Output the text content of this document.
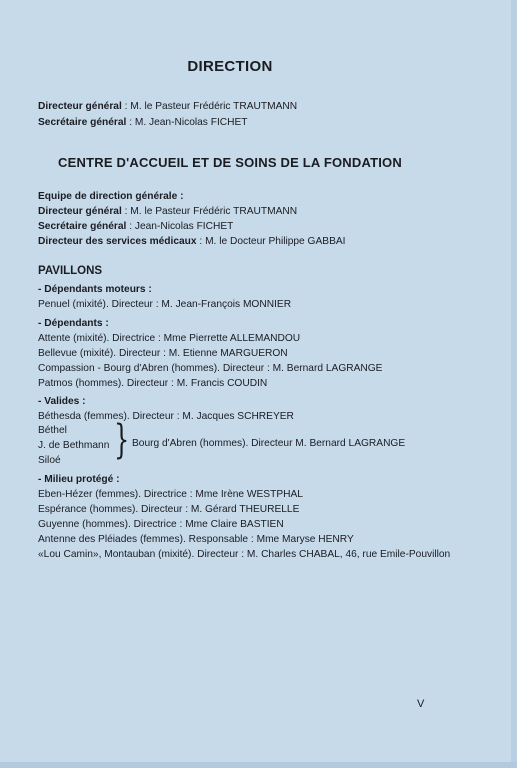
DIRECTION
Directeur général : M. le Pasteur Frédéric TRAUTMANN
Secrétaire général : M. Jean-Nicolas FICHET
CENTRE D'ACCUEIL ET DE SOINS DE LA FONDATION
Equipe de direction générale :
Directeur général : M. le Pasteur Frédéric TRAUTMANN
Secrétaire général : Jean-Nicolas FICHET
Directeur des services médicaux : M. le Docteur Philippe GABBAI
PAVILLONS
- Dépendants moteurs :
Penuel (mixité). Directeur : M. Jean-François MONNIER
- Dépendants :
Attente (mixité). Directrice : Mme Pierrette ALLEMANDOU
Bellevue (mixité). Directeur : M. Etienne MARGUERON
Compassion - Bourg d'Abren (hommes). Directeur : M. Bernard LAGRANGE
Patmos (hommes). Directeur : M. Francis COUDIN
- Valides :
Béthesda (femmes). Directeur : M. Jacques SCHREYER
Béthel
J. de Bethmann
Siloé } Bourg d'Abren (hommes). Directeur M. Bernard LAGRANGE
- Milieu protégé :
Eben-Hézer (femmes). Directrice : Mme Irène WESTPHAL
Espérance (hommes). Directeur : M. Gérard THEURELLE
Guyenne (hommes). Directrice : Mme Claire BASTIEN
Antenne des Pléiades (femmes). Responsable : Mme Maryse HENRY
«Lou Camin», Montauban (mixité). Directeur : M. Charles CHABAL, 46, rue Emile-Pouvillon
V
